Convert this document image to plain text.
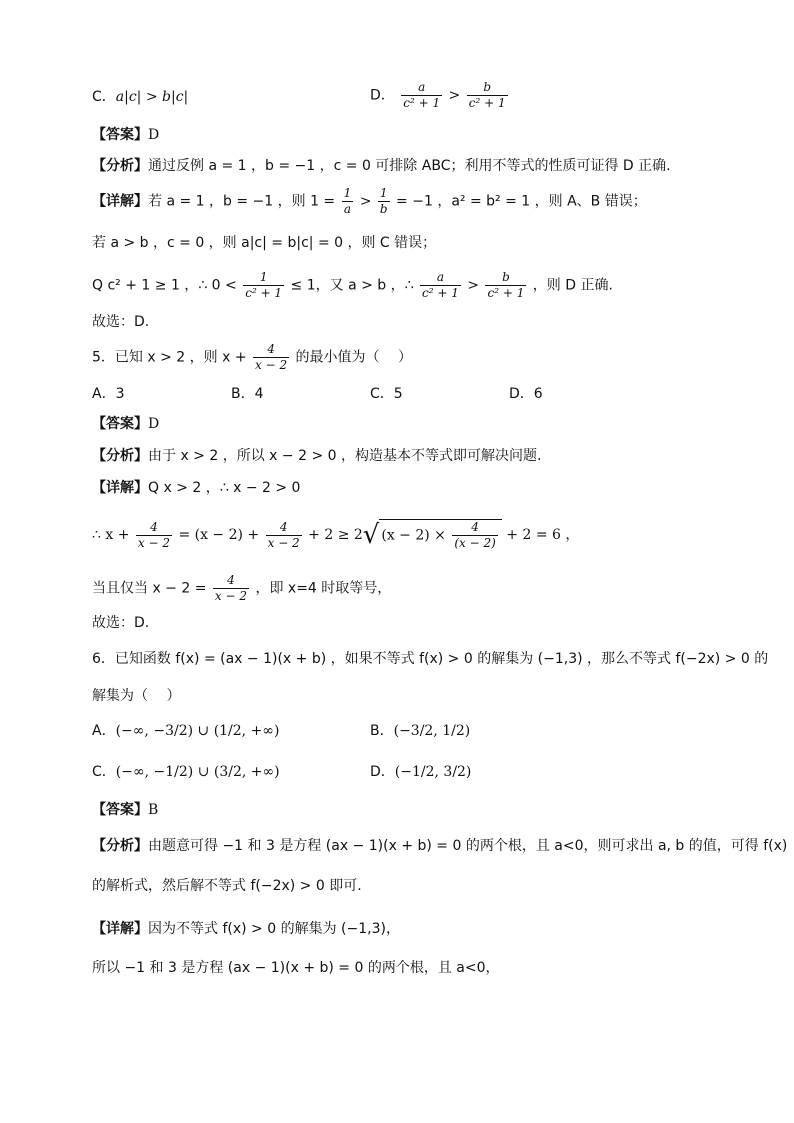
C．a|c| > b|c|	D． $\frac{a}{\text{c² + 1}} > \frac{b}{\text{c² + 1}}$
【答案】D
【分析】通过反例 a = 1 ，b = −1 ，c = 0 可排除 ABC；利用不等式的性质可证得 D 正确.
【详解】若 a = 1 ，b = −1 ，则 $1 = \frac{1}{a} > \frac{1}{b} = -1$ ，a² = b² = 1 ，则 A、B 错误；
若 a > b ，c = 0 ，则 a|c| = b|c| = 0 ，则 C 错误；
Q c² + 1 ≥ 1 ，∴ $0 < \frac{1}{\text{c² + 1}} \le 1$，又 a > b ，∴ $\frac{a}{\text{c² + 1}} > \frac{b}{\text{c² + 1}}$ ，则 D 正确.
故选：D.
5．已知 x > 2 ，则 $x + \frac{4}{x - 2}$ 的最小值为（　 ）
A．3	B．4	C．5	D．6
【答案】D
【分析】由于 x > 2 ，所以 x − 2 > 0 ，构造基本不等式即可解决问题.
【详解】Q x > 2 ，∴ x − 2 > 0
∴ $x + \frac{4}{x - 2} = (x - 2) + \frac{4}{x - 2} + 2 \ge 2√$ $(x - 2) \times \frac{4}{(x - 2)} + 2 = 6$ ，
当且仅当 $x - 2 = \frac{4}{x - 2}$ ，即 x=4 时取等号，
故选：D.
6．已知函数 f(x) = (ax − 1)(x + b) ，如果不等式 f(x) > 0 的解集为 (−1,3) ，那么不等式 f(−2x) > 0 的
解集为（　 ）
A．(−∞, −3/2) ∪ (1/2, +∞)	B．(−3/2, 1/2)
C．(−∞, −1/2) ∪ (3/2, +∞)	D．(−1/2, 3/2)
【答案】B
【分析】由题意可得 −1 和 3 是方程 (ax − 1)(x + b) = 0 的两个根，且 a<0，则可求出 a, b 的值，可得 f(x)
的解析式，然后解不等式 f(−2x) > 0 即可.
【详解】因为不等式 f(x) > 0 的解集为 (−1,3)，
所以 −1 和 3 是方程 (ax − 1)(x + b) = 0 的两个根，且 a<0，
